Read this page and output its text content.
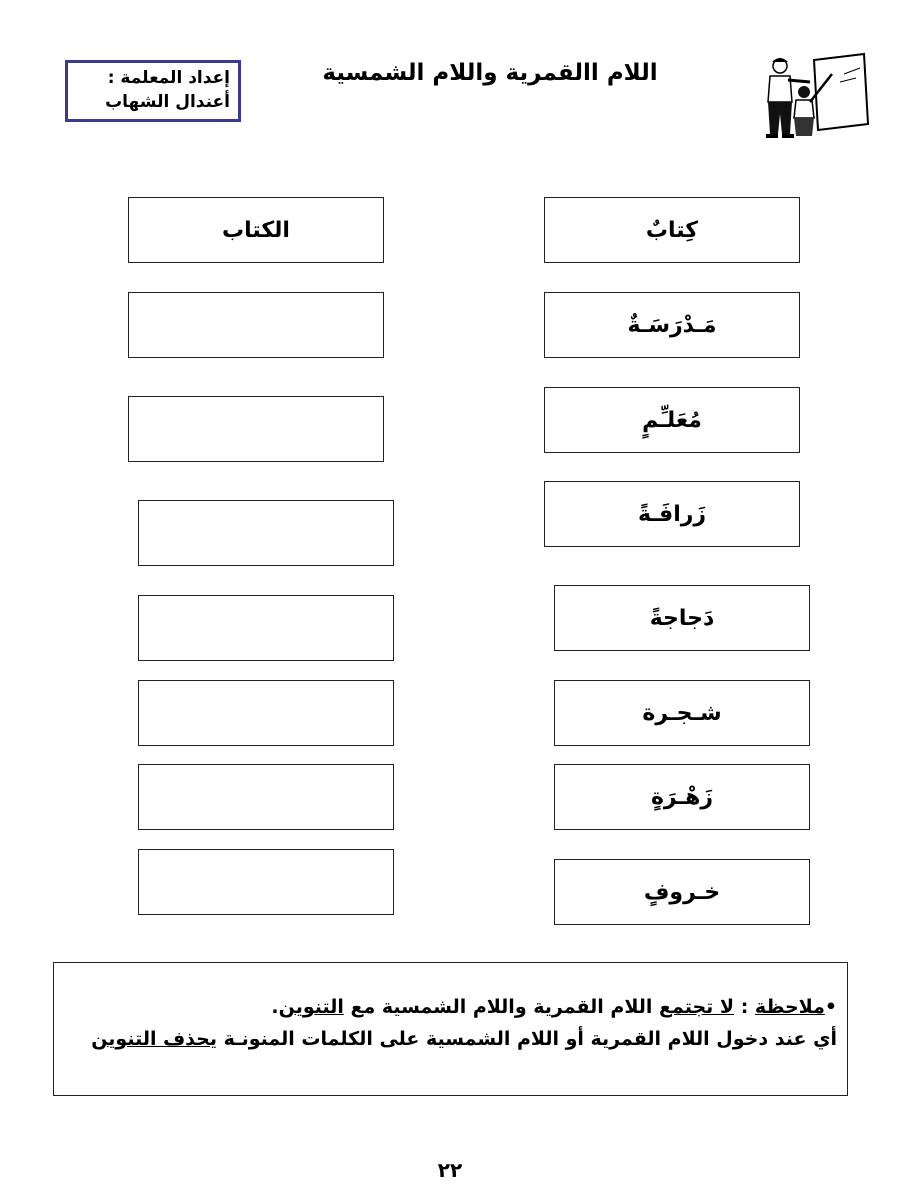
إعداد المعلمة :
أعندال الشهاب
اللام االقمرية واللام الشمسية
كِتابٌ
مَـدْرَسَـةٌ
مُعَلـِّمٍ
زَرافَـةً
دَجاجةً
شـجـرة
زَهْـرَةٍ
خـروفٍ
الكتاب
•ملاحظة : لا تجتمع اللام القمرية واللام الشمسية مع التنوين.
أي عند دخول اللام القمرية أو اللام الشمسية على الكلمات المنونـة يحذف التنوين
٢٢
